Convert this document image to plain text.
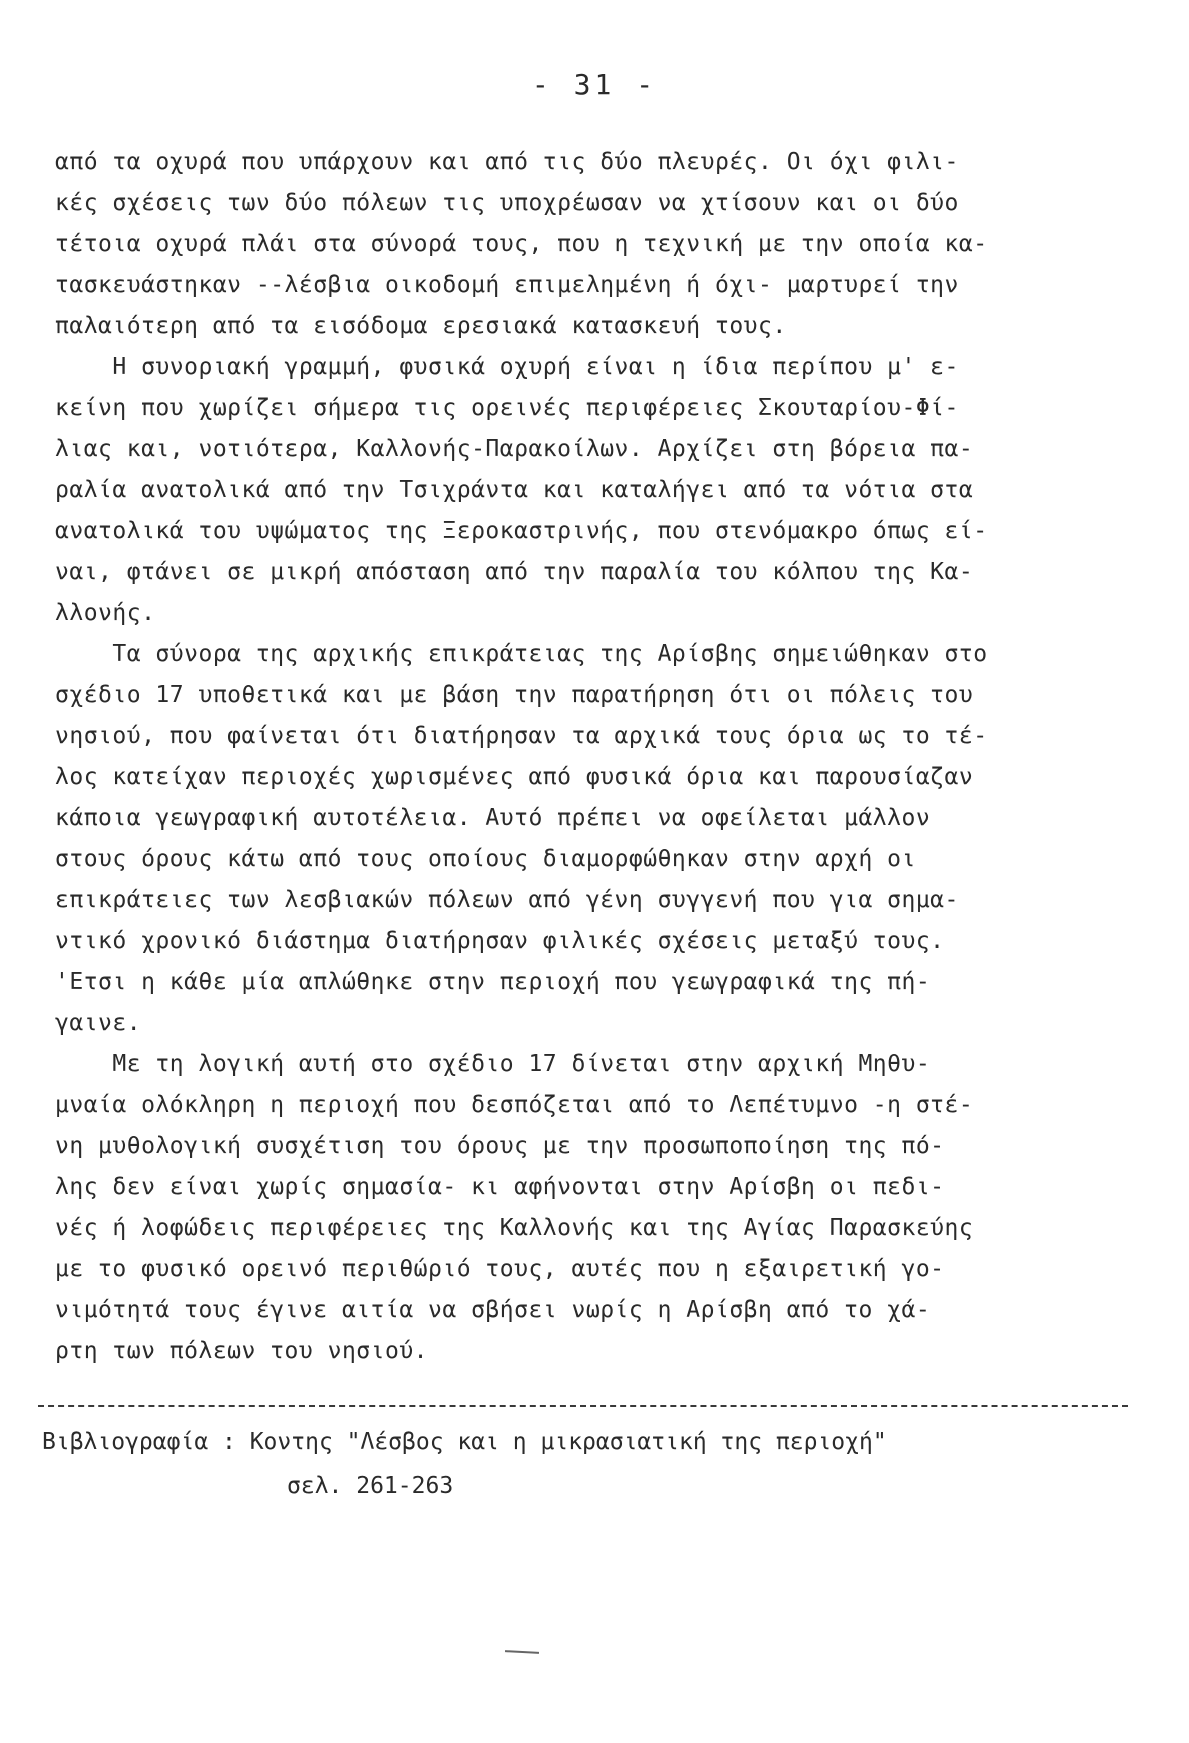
- 31 -
από τα οχυρά που υπάρχουν και από τις δύο πλευρές. Οι όχι φιλι-
κές σχέσεις των δύο πόλεων τις υποχρέωσαν να χτίσουν και οι δύο
τέτοια οχυρά πλάι στα σύνορά τους, που η τεχνική με την οποία κα-
τασκευάστηκαν --λέσβια οικοδομή επιμελημένη ή όχι- μαρτυρεί την
παλαιότερη από τα εισόδομα ερεσιακά κατασκευή τους.
Η συνοριακή γραμμή, φυσικά οχυρή είναι η ίδια περίπου μ' ε-
κείνη που χωρίζει σήμερα τις ορεινές περιφέρειες Σκουταρίου-Φί-
λιας και, νοτιότερα, Καλλονής-Παρακοίλων. Αρχίζει στη βόρεια πα-
ραλία ανατολικά από την Τσιχράντα και καταλήγει από τα νότια στα
ανατολικά του υψώματος της Ξεροκαστρινής, που στενόμακρο όπως εί-
ναι, φτάνει σε μικρή απόσταση από την παραλία του κόλπου της Κα-
λλονής.
Τα σύνορα της αρχικής επικράτειας της Αρίσβης σημειώθηκαν στο
σχέδιο 17 υποθετικά και με βάση την παρατήρηση ότι οι πόλεις του
νησιού, που φαίνεται ότι διατήρησαν τα αρχικά τους όρια ως το τέ-
λος κατείχαν περιοχές χωρισμένες από φυσικά όρια και παρουσίαζαν
κάποια γεωγραφική αυτοτέλεια. Αυτό πρέπει να οφείλεται μάλλον
στους όρους κάτω από τους οποίους διαμορφώθηκαν στην αρχή οι
επικράτειες των λεσβιακών πόλεων από γένη συγγενή που για σημα-
ντικό χρονικό διάστημα διατήρησαν φιλικές σχέσεις μεταξύ τους.
'Ετσι η κάθε μία απλώθηκε στην περιοχή που γεωγραφικά της πή-
γαινε.
Με τη λογική αυτή στο σχέδιο 17 δίνεται στην αρχική Μηθυ-
μναία ολόκληρη η περιοχή που δεσπόζεται από το Λεπέτυμνο -η στέ-
νη μυθολογική συσχέτιση του όρους με την προσωποποίηση της πό-
λης δεν είναι χωρίς σημασία- κι αφήνονται στην Αρίσβη οι πεδι-
νές ή λοφώδεις περιφέρειες της Καλλονής και της Αγίας Παρασκεύης
με το φυσικό ορεινό περιθώριό τους, αυτές που η εξαιρετική γο-
νιμότητά τους έγινε αιτία να σβήσει νωρίς η Αρίσβη από το χά-
ρτη των πόλεων του νησιού.
Βιβλιογραφία : Κοντης "Λέσβος και η μικρασιατική της περιοχή"
σελ. 261-263
